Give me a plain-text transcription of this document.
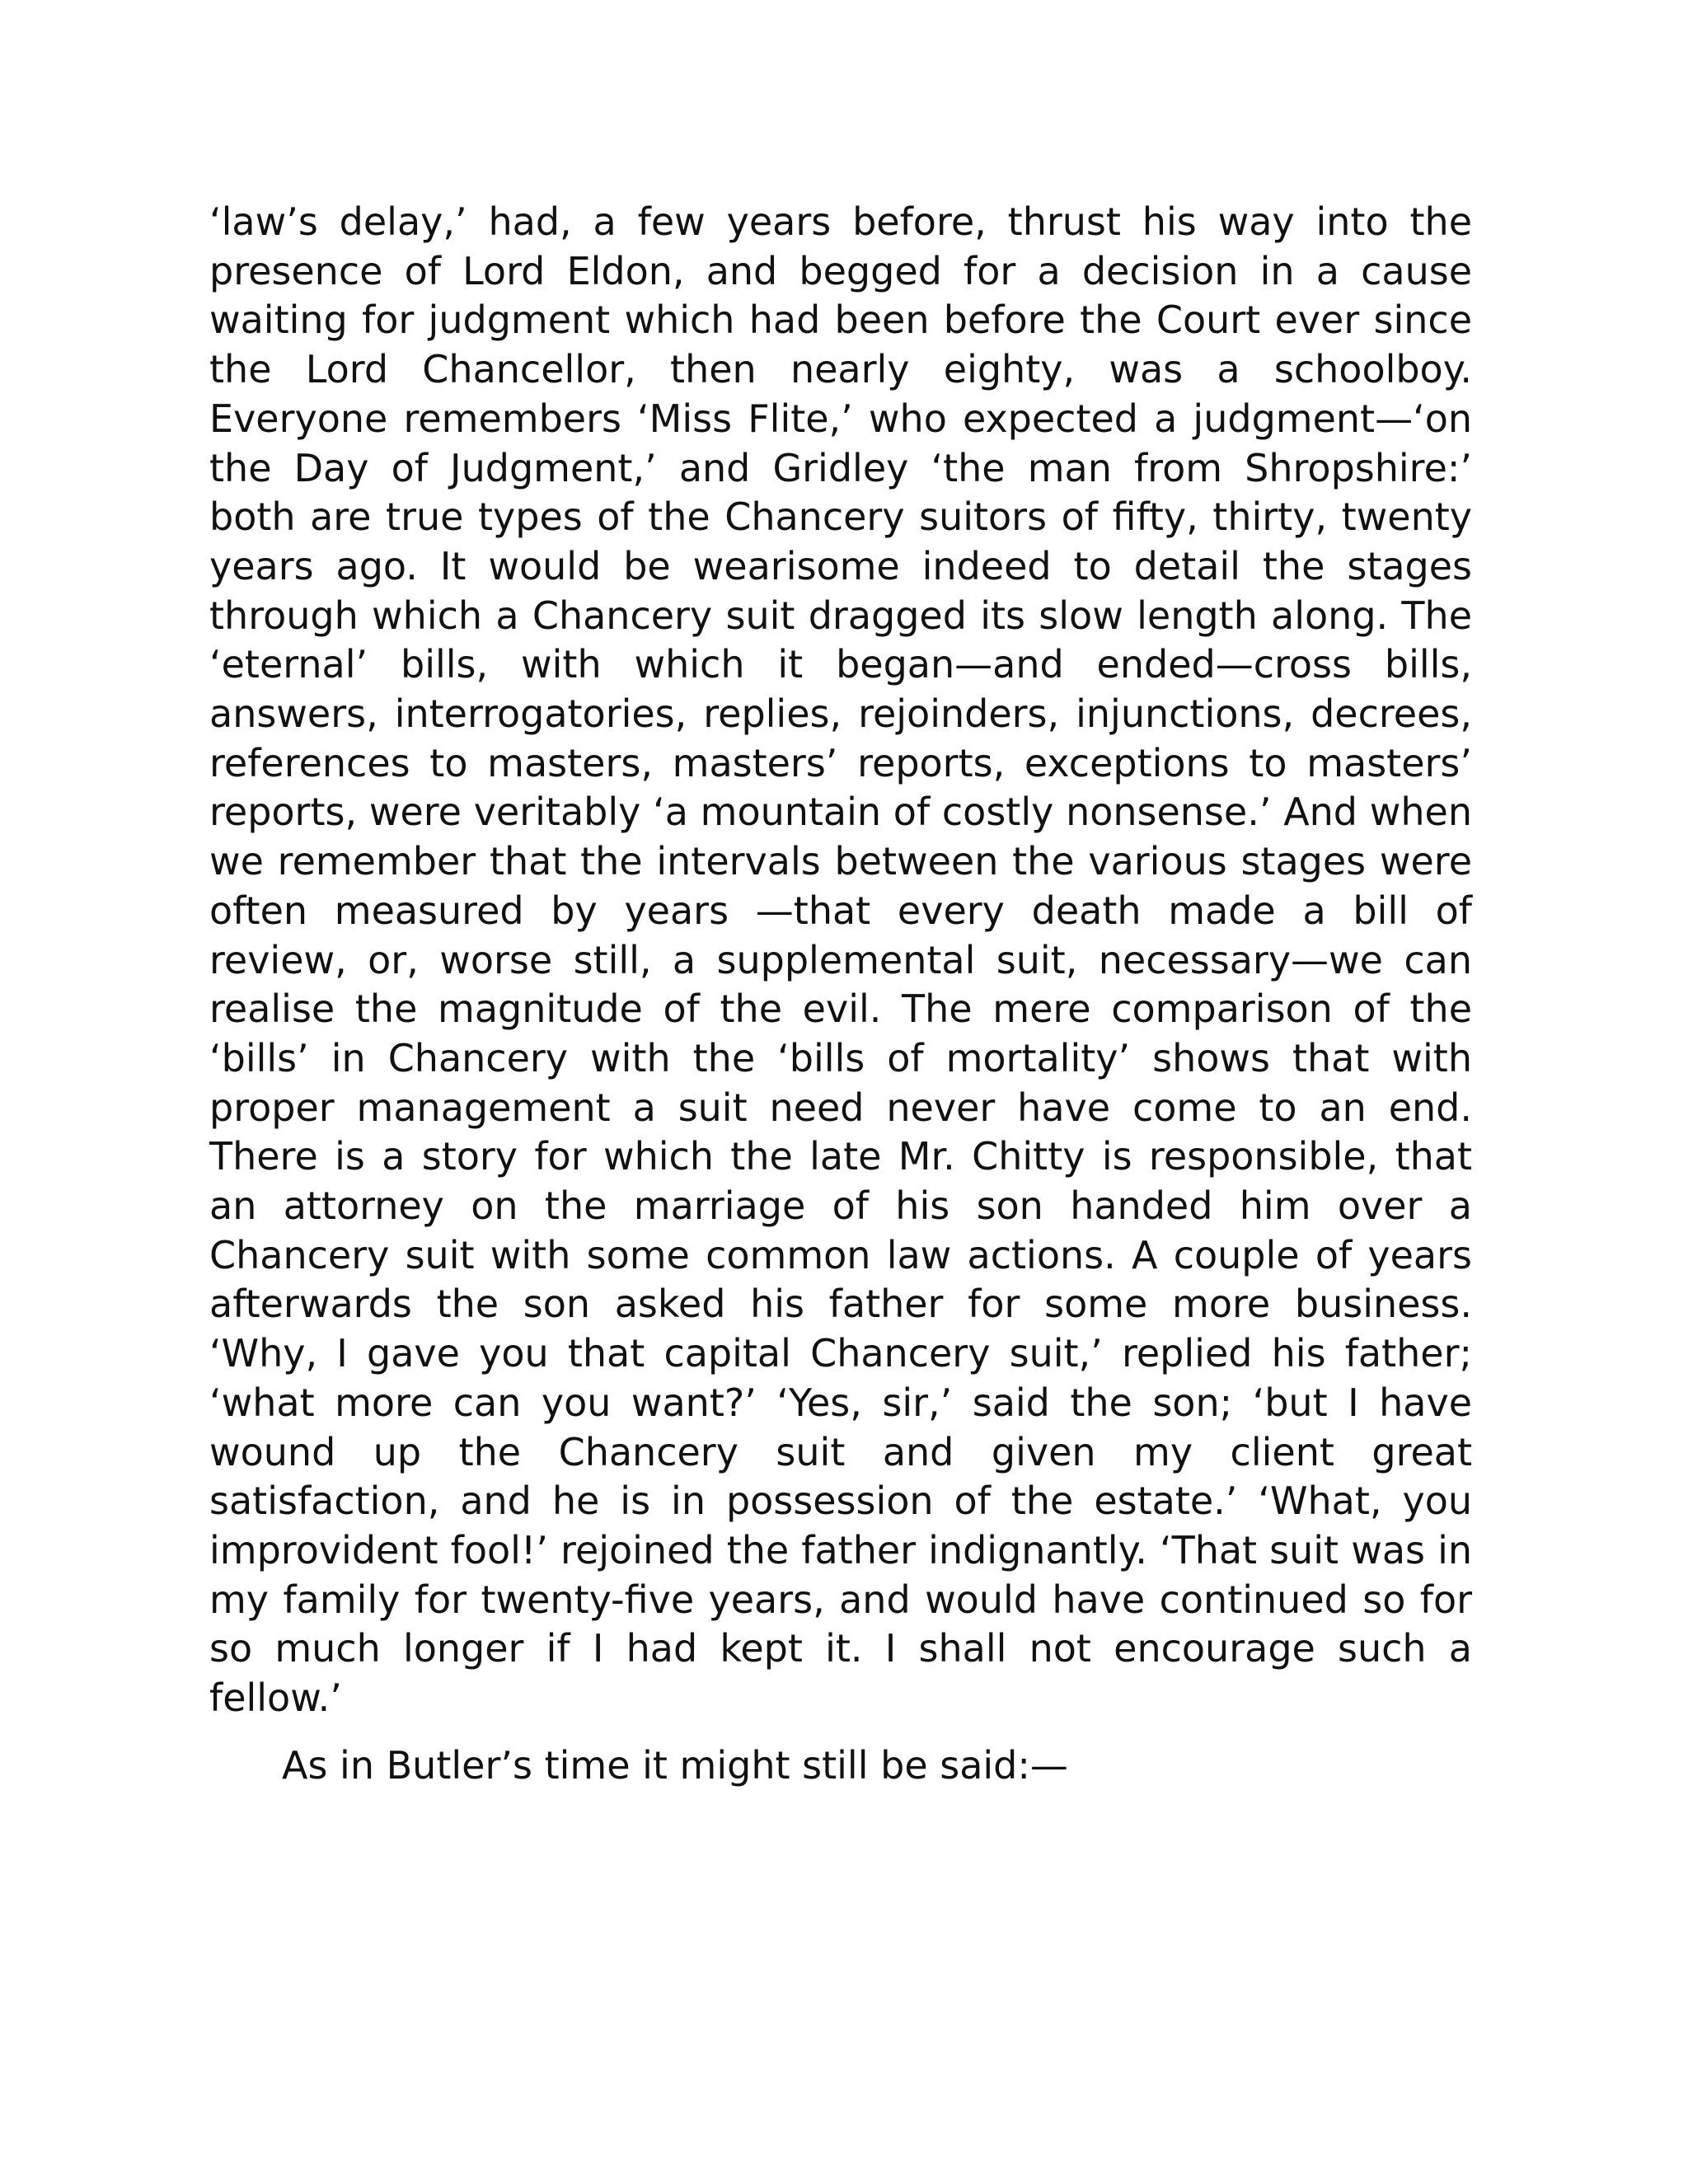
‘law’s delay,’ had, a few years before, thrust his way into the presence of Lord Eldon, and begged for a decision in a cause waiting for judgment which had been before the Court ever since the Lord Chancellor, then nearly eighty, was a schoolboy. Everyone remembers ‘Miss Flite,’ who expected a judgment—‘on the Day of Judgment,’ and Gridley ‘the man from Shropshire:’ both are true types of the Chancery suitors of fifty, thirty, twenty years ago. It would be wearisome indeed to detail the stages through which a Chancery suit dragged its slow length along. The ‘eternal’ bills, with which it began—and ended—cross bills, answers, interrogatories, replies, rejoinders, injunctions, decrees, references to masters, masters’ reports, exceptions to masters’ reports, were veritably ‘a mountain of costly nonsense.’ And when we remember that the intervals between the various stages were often measured by years —that every death made a bill of review, or, worse still, a supplemental suit, necessary—we can realise the magnitude of the evil. The mere comparison of the ‘bills’ in Chancery with the ‘bills of mortality’ shows that with proper management a suit need never have come to an end. There is a story for which the late Mr. Chitty is responsible, that an attorney on the marriage of his son handed him over a Chancery suit with some common law actions. A couple of years afterwards the son asked his father for some more business. ‘Why, I gave you that capital Chancery suit,’ replied his father; ‘what more can you want?’ ‘Yes, sir,’ said the son; ‘but I have wound up the Chancery suit and given my client great satisfaction, and he is in possession of the estate.’ ‘What, you improvident fool!’ rejoined the father indignantly. ‘That suit was in my family for twenty-five years, and would have continued so for so much longer if I had kept it. I shall not encourage such a fellow.’

As in Butler’s time it might still be said:—
